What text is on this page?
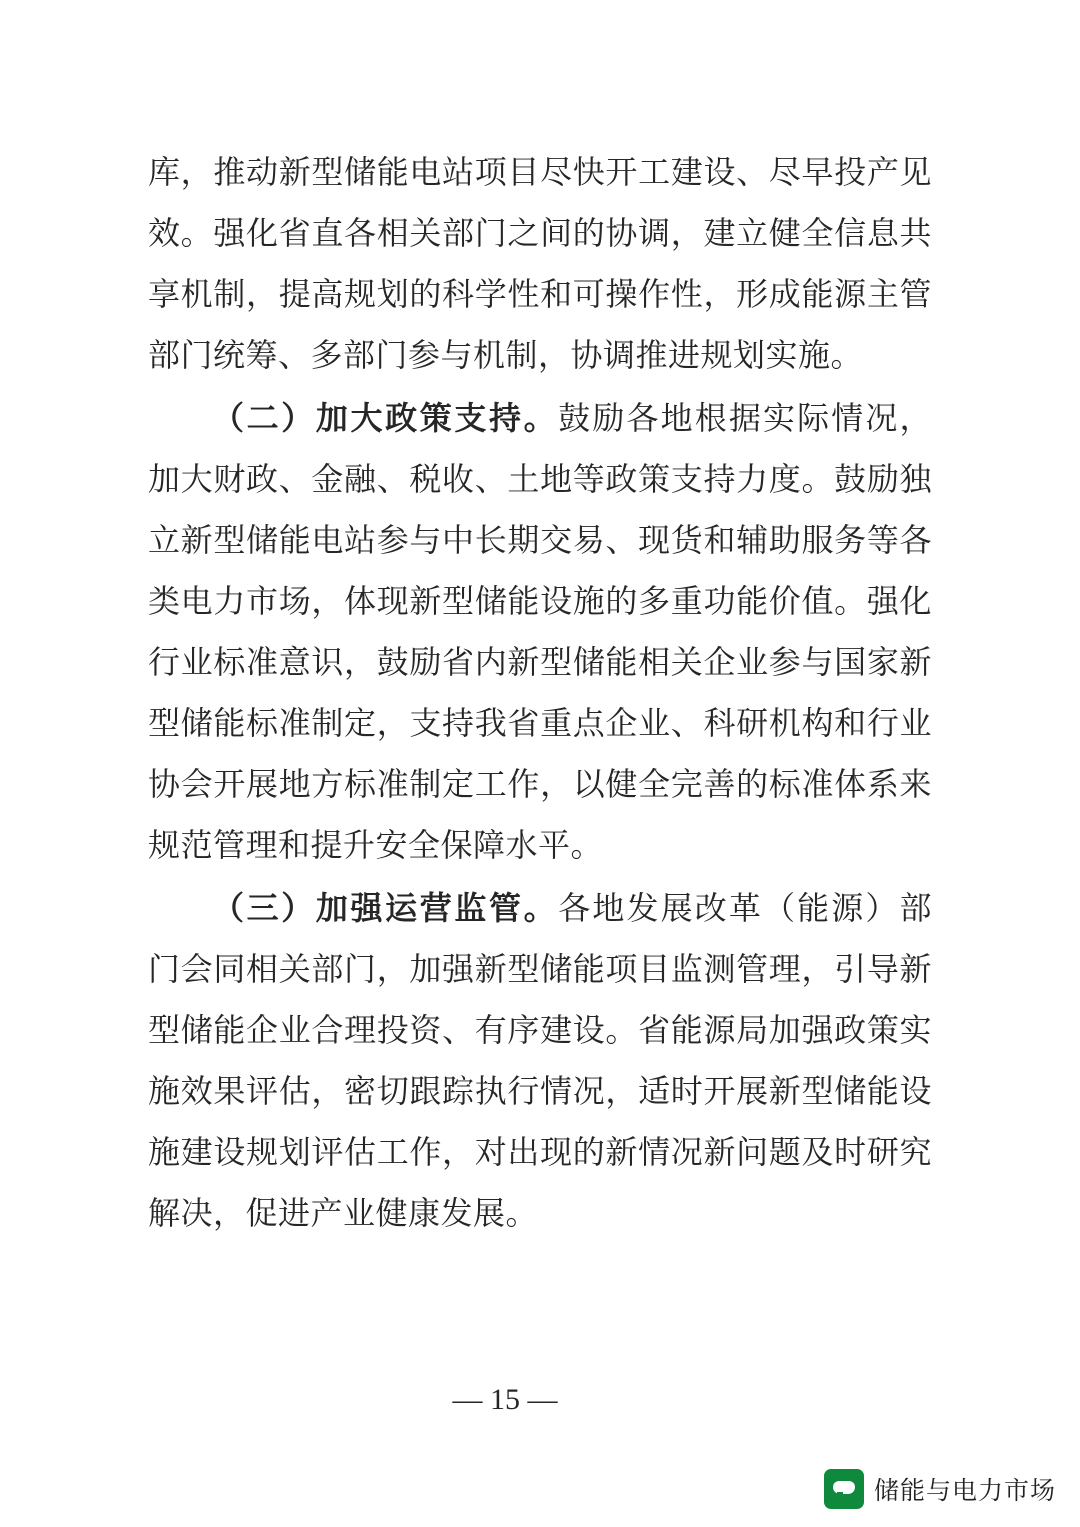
库，推动新型储能电站项目尽快开工建设、尽早投产见效。强化省直各相关部门之间的协调，建立健全信息共享机制，提高规划的科学性和可操作性，形成能源主管部门统筹、多部门参与机制，协调推进规划实施。

（二）加大政策支持。鼓励各地根据实际情况，加大财政、金融、税收、土地等政策支持力度。鼓励独立新型储能电站参与中长期交易、现货和辅助服务等各类电力市场，体现新型储能设施的多重功能价值。强化行业标准意识，鼓励省内新型储能相关企业参与国家新型储能标准制定，支持我省重点企业、科研机构和行业协会开展地方标准制定工作，以健全完善的标准体系来规范管理和提升安全保障水平。

（三）加强运营监管。各地发展改革（能源）部门会同相关部门，加强新型储能项目监测管理，引导新型储能企业合理投资、有序建设。省能源局加强政策实施效果评估，密切跟踪执行情况，适时开展新型储能设施建设规划评估工作，对出现的新情况新问题及时研究解决，促进产业健康发展。

— 15 —
储能与电力市场
